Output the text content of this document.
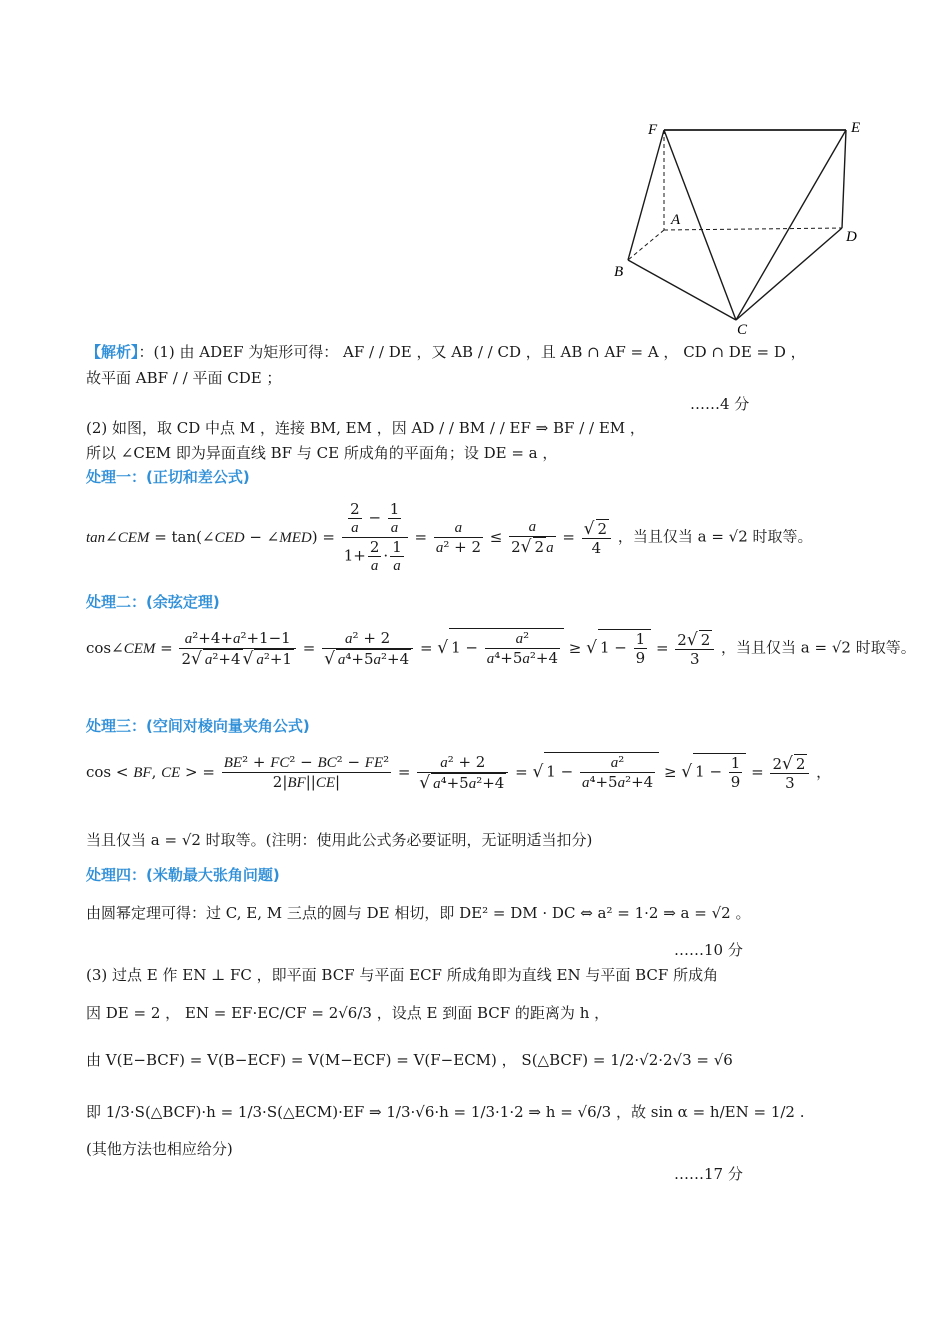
F	E
A
D
B
C
【解析】：(1) 由 ADEF 为矩形可得： AF / / DE ，又 AB / / CD ，且 AB ∩ AF = A ， CD ∩ DE = D ，
故平面 ABF / / 平面 CDE ；
……4 分
(2) 如图，取 CD 中点 M ，连接 BM, EM ，因 AD / / BM / / EF ⇒ BF / / EM ，
所以 ∠CEM 即为异面直线 BF 与 CE 所成角的平面角；设 DE = a ，
处理一：(正切和差公式)
tan∠CEM = tan(∠CED − ∠MED) = $\frac{\frac{2}{a} - \frac{1}{a}}{1+ \frac{2}{a} \cdot \frac{1}{a}} = \frac{a}{\text{a² + 2}} \le \frac{a}{2√ 2 a} = \frac{√ 2}{4}$ ，当且仅当 a = √2 时取等。
处理二：(余弦定理)
cos∠CEM = $\frac{\text{a²+4+a²+1−1}}{\text{2√ a²+4 √ a²+1}} = \frac{\text{a² + 2}}{\text{√ a⁴+5a²+4}}$ = √ $1 - \frac{\text{a²}}{\text{a⁴+5a²+4}}$ ≥ √ $1 - \frac{1}{9} = \frac{2√ 2}{3}$ ，当且仅当 a = √2 时取等。
处理三：(空间对棱向量夹角公式)
cos < BF, CE > = $\frac{\text{BE² + FC² − BC² − FE²}}{2|BF||CE|} = \frac{\text{a² + 2}}{\text{√ a⁴+5a²+4}}$ = √ $1 - \frac{\text{a²}}{\text{a⁴+5a²+4}}$ ≥ √ $1 - \frac{1}{9} = \frac{2√ 2}{3}$ ，
当且仅当 a = √2 时取等。(注明：使用此公式务必要证明，无证明适当扣分)
处理四：(米勒最大张角问题)
由圆幂定理可得：过 C, E, M 三点的圆与 DE 相切，即 DE² = DM · DC ⇔ a² = 1·2 ⇒ a = √2 。
……10 分
(3) 过点 E 作 EN ⊥ FC ，即平面 BCF 与平面 ECF 所成角即为直线 EN 与平面 BCF 所成角
因 DE = 2 ， EN = EF·EC/CF = 2√6/3 ，设点 E 到面 BCF 的距离为 h ，
由 V(E−BCF) = V(B−ECF) = V(M−ECF) = V(F−ECM) ， S(△BCF) = 1/2·√2·2√3 = √6
即 1/3·S(△BCF)·h = 1/3·S(△ECM)·EF ⇒ 1/3·√6·h = 1/3·1·2 ⇒ h = √6/3 ，故 sin α = h/EN = 1/2 .
(其他方法也相应给分)
……17 分
